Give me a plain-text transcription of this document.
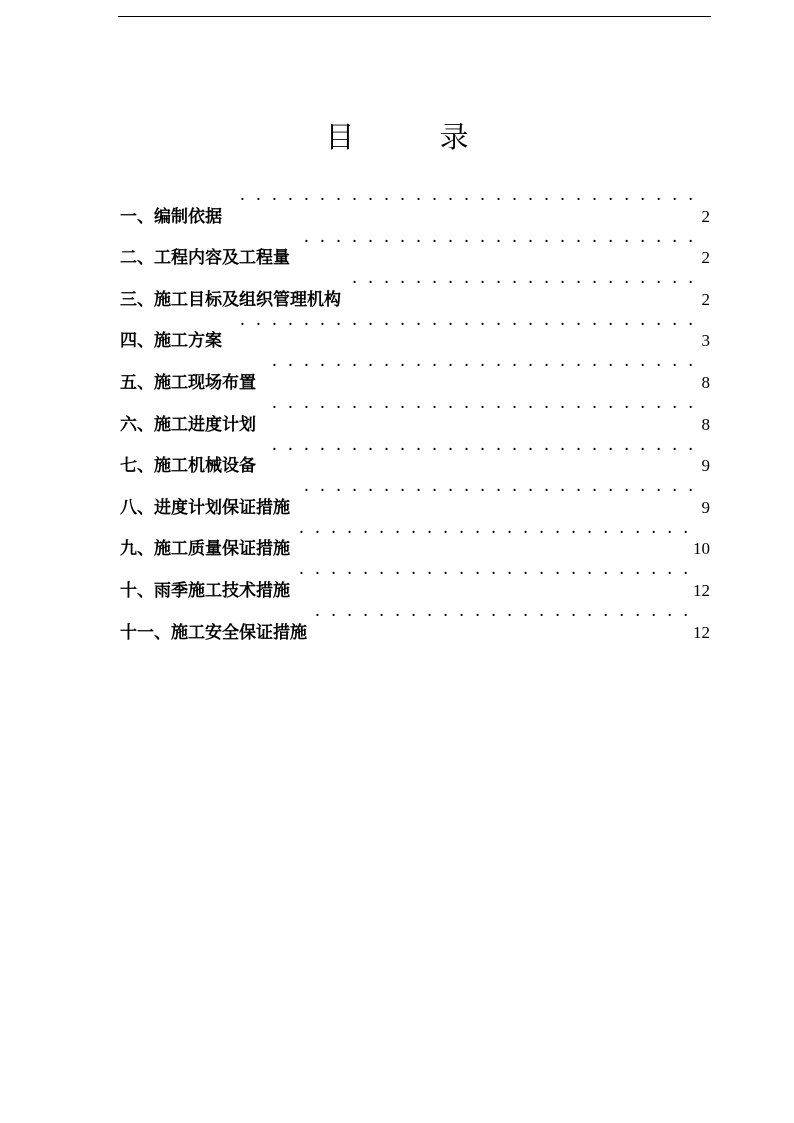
目 录
一、编制依据 · · ·	2
二、工程内容及工程量 · · ·	2
三、施工目标及组织管理机构 · · ·	2
四、施工方案 · · ·	3
五、施工现场布置 · · ·	8
六、施工进度计划 · · ·	8
七、施工机械设备 · · ·	9
八、进度计划保证措施 · · ·	9
九、施工质量保证措施 · · ·	10
十、雨季施工技术措施 · · ·	12
十一、施工安全保证措施 · · ·	12
